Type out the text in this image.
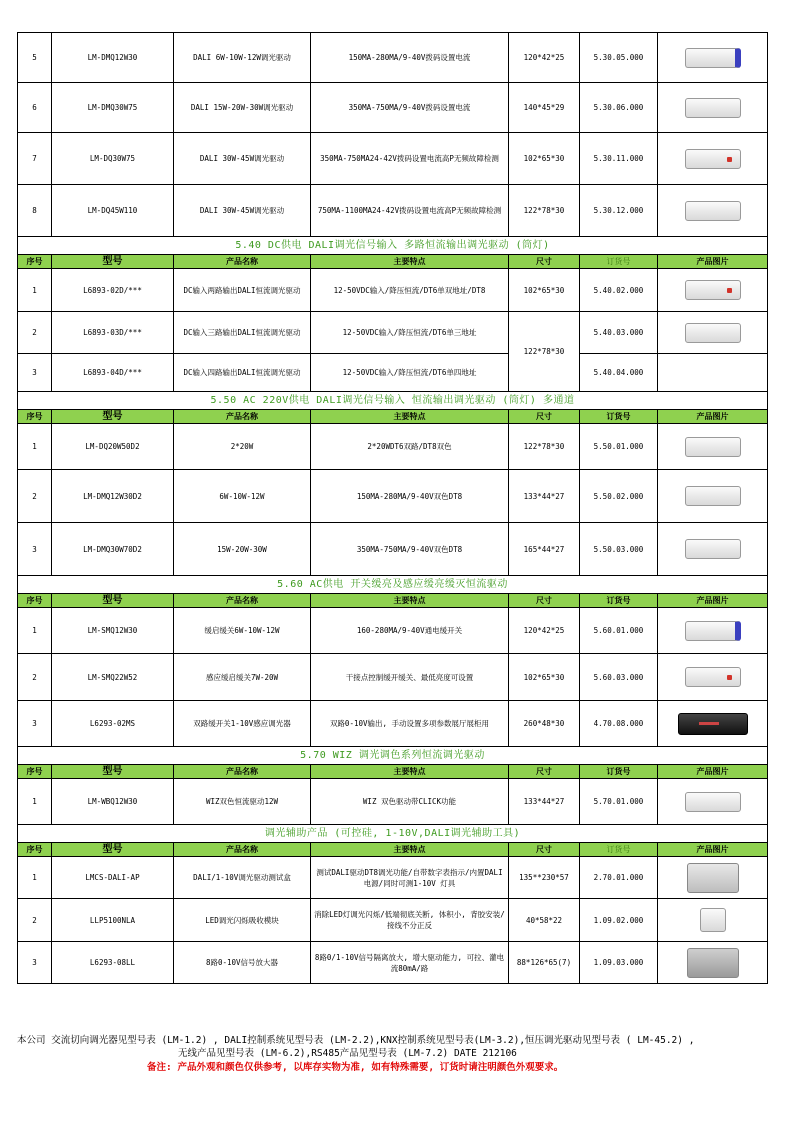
5	LM-DMQ12W30	DALI 6W-10W-12W调光驱动	150MA-280MA/9-40V拨码设置电流	120*42*25	5.30.05.000	

6	LM-DMQ30W75	DALI 15W-20W-30W调光驱动	350MA-750MA/9-40V拨码设置电流	140*45*29	5.30.06.000	

7	LM-DQ30W75	DALI 30W-45W调光驱动	350MA-750MA24-42V拨码设置电流高P无频故障检测	102*65*30	5.30.11.000	

8	LM-DQ45W110	DALI 30W-45W调光驱动	750MA-1100MA24-42V拨码设置电流高P无频故障检测	122*78*30	5.30.12.000	

5.40 DC供电 DALI调光信号输入 多路恒流输出调光驱动 (筒灯)						
序号	型号	产品名称	主要特点	尺寸	订货号	产品图片
1	L6893-02D/***	DC输入两路输出DALI恒流调光驱动	12-50VDC输入/降压恒流/DT6单双地址/DT8	102*65*30	5.40.02.000	

2	L6893-03D/***	DC输入三路输出DALI恒流调光驱动	12-50VDC输入/降压恒流/DT6单三地址	122*78*30	5.40.03.000	

3	L6893-04D/***	DC输入四路输出DALI恒流调光驱动	12-50VDC输入/降压恒流/DT6单四地址		5.40.04.000	
5.50 AC 220V供电 DALI调光信号输入 恒流输出调光驱动 (筒灯) 多通道						
序号	型号	产品名称	主要特点	尺寸	订货号	产品图片
1	LM-DQ20W50D2	2*20W	2*20WDT6双路/DT8双色	122*78*30	5.50.01.000	

2	LM-DMQ12W30D2	6W-10W-12W	150MA-280MA/9-40V双色DT8	133*44*27	5.50.02.000	

3	LM-DMQ30W70D2	15W-20W-30W	350MA-750MA/9-40V双色DT8	165*44*27	5.50.03.000	

5.60 AC供电 开关缓亮及感应缓亮缓灭恒流驱动						
序号	型号	产品名称	主要特点	尺寸	订货号	产品图片
1	LM-SMQ12W30	缓启缓关6W-10W-12W	160-280MA/9-40V通电缓开关	120*42*25	5.60.01.000	

2	LM-SMQ22W52	感应缓启缓关7W-20W	干接点控制缓开缓关、最低亮度可设置	102*65*30	5.60.03.000	

3	L6293-02MS	双路缓开关1-10V感应调光器	双路0-10V输出, 手动设置多项参数展厅展柜用	260*48*30	4.70.08.000	

5.70 WIZ 调光调色系列恒流调光驱动						
序号	型号	产品名称	主要特点	尺寸	订货号	产品图片
1	LM-WBQ12W30	WIZ双色恒流驱动12W	WIZ 双色驱动带CLICK功能	133*44*27	5.70.01.000	

调光辅助产品 (可控硅, 1-10V,DALI调光辅助工具)						
序号	型号	产品名称	主要特点	尺寸	订货号	产品图片
1	LMCS-DALI-AP	DALI/1-10V调光驱动测试盒	测试DALI驱动DT8调光功能/自带数字表指示/内置DALI电源/同时可测1-10V 灯具	135**230*57	2.70.01.000	

2	LLP5100NLA	LED调光闪烁吸收模块	消除LED灯调光闪烁/低端彻底关断, 体积小, 背胶安装/接线不分正反	40*58*22	1.09.02.000	

3	L6293-08LL	8路0-10V信号放大器	8路0/1-10V信号隔离放大, 增大驱动能力, 可拉、灌电流80mA/路	88*126*65(7)	1.09.03.000	
本公司 交流切向调光器见型号表 (LM-1.2) , DALI控制系统见型号表 (LM-2.2),KNX控制系统见型号表(LM-3.2),恒压调光驱动见型号表 ( LM-45.2) ,
无线产品见型号表 (LM-6.2),RS485产品见型号表 (LM-7.2) DATE 212106
备注: 产品外观和颜色仅供参考, 以库存实物为准, 如有特殊需要, 订货时请注明颜色外观要求。
